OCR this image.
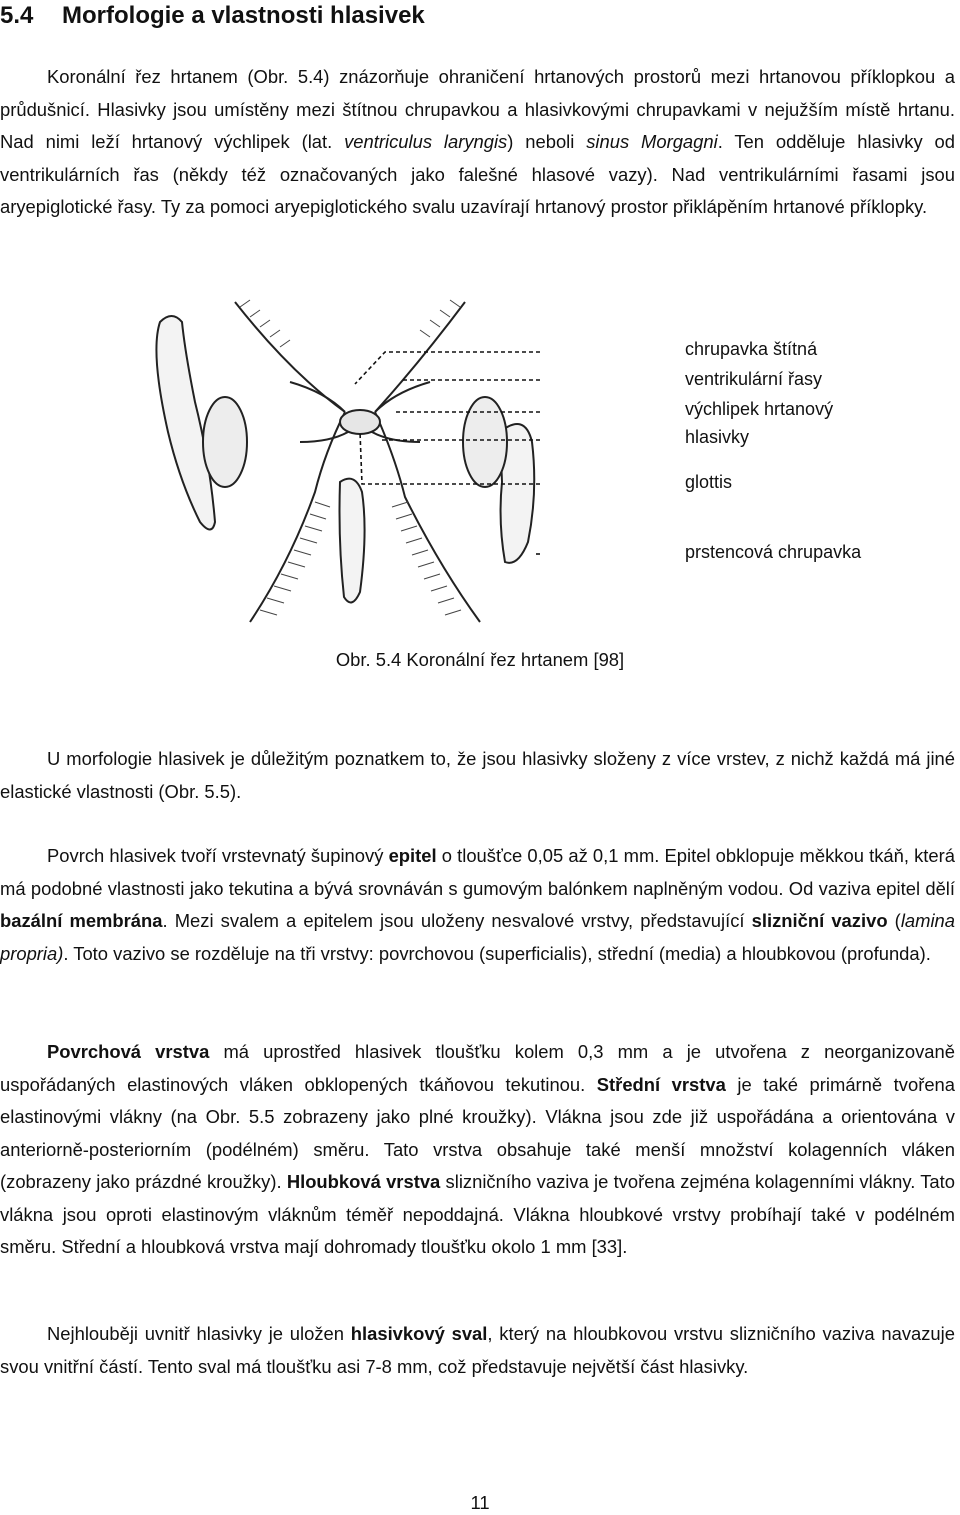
5.4 Morfologie a vlastnosti hlasivek

Koronální řez hrtanem (Obr. 5.4) znázorňuje ohraničení hrtanových prostorů mezi hrtanovou příklopkou a průdušnicí. Hlasivky jsou umístěny mezi štítnou chrupavkou a hlasivkovými chrupavkami v nejužším místě hrtanu. Nad nimi leží hrtanový výchlipek (lat. ventriculus laryngis) neboli sinus Morgagni. Ten odděluje hlasivky od ventrikulárních řas (někdy též označovaných jako falešné hlasové vazy). Nad ventrikulárními řasami jsou aryepiglotické řasy. Ty za pomoci aryepiglotického svalu uzavírají hrtanový prostor přiklápěním hrtanové příklopky.

chrupavka štítná
ventrikulární řasy
výchlipek hrtanový
hlasivky
glottis
prstencová chrupavka

Obr. 5.4 Koronální řez hrtanem [98]

U morfologie hlasivek je důležitým poznatkem to, že jsou hlasivky složeny z více vrstev, z nichž každá má jiné elastické vlastnosti (Obr. 5.5).

Povrch hlasivek tvoří vrstevnatý šupinový epitel o tloušťce 0,05 až 0,1 mm. Epitel obklopuje měkkou tkáň, která má podobné vlastnosti jako tekutina a bývá srovnáván s gumovým balónkem naplněným vodou. Od vaziva epitel dělí bazální membrána. Mezi svalem a epitelem jsou uloženy nesvalové vrstvy, představující slizniční vazivo (lamina propria). Toto vazivo se rozděluje na tři vrstvy: povrchovou (superficialis), střední (media) a hloubkovou (profunda).

Povrchová vrstva má uprostřed hlasivek tloušťku kolem 0,3 mm a je utvořena z neorganizovaně uspořádaných elastinových vláken obklopených tkáňovou tekutinou. Střední vrstva je také primárně tvořena elastinovými vlákny (na Obr. 5.5 zobrazeny jako plné kroužky). Vlákna jsou zde již uspořádána a orientována v anteriorně-posteriorním (podélném) směru. Tato vrstva obsahuje také menší množství kolagenních vláken (zobrazeny jako prázdné kroužky). Hloubková vrstva slizničního vaziva je tvořena zejména kolagenními vlákny. Tato vlákna jsou oproti elastinovým vláknům téměř nepoddajná. Vlákna hloubkové vrstvy probíhají také v podélném směru. Střední a hloubková vrstva mají dohromady tloušťku okolo 1 mm [33].

Nejhlouběji uvnitř hlasivky je uložen hlasivkový sval, který na hloubkovou vrstvu slizničního vaziva navazuje svou vnitřní částí. Tento sval má tloušťku asi 7-8 mm, což představuje největší část hlasivky.

11
